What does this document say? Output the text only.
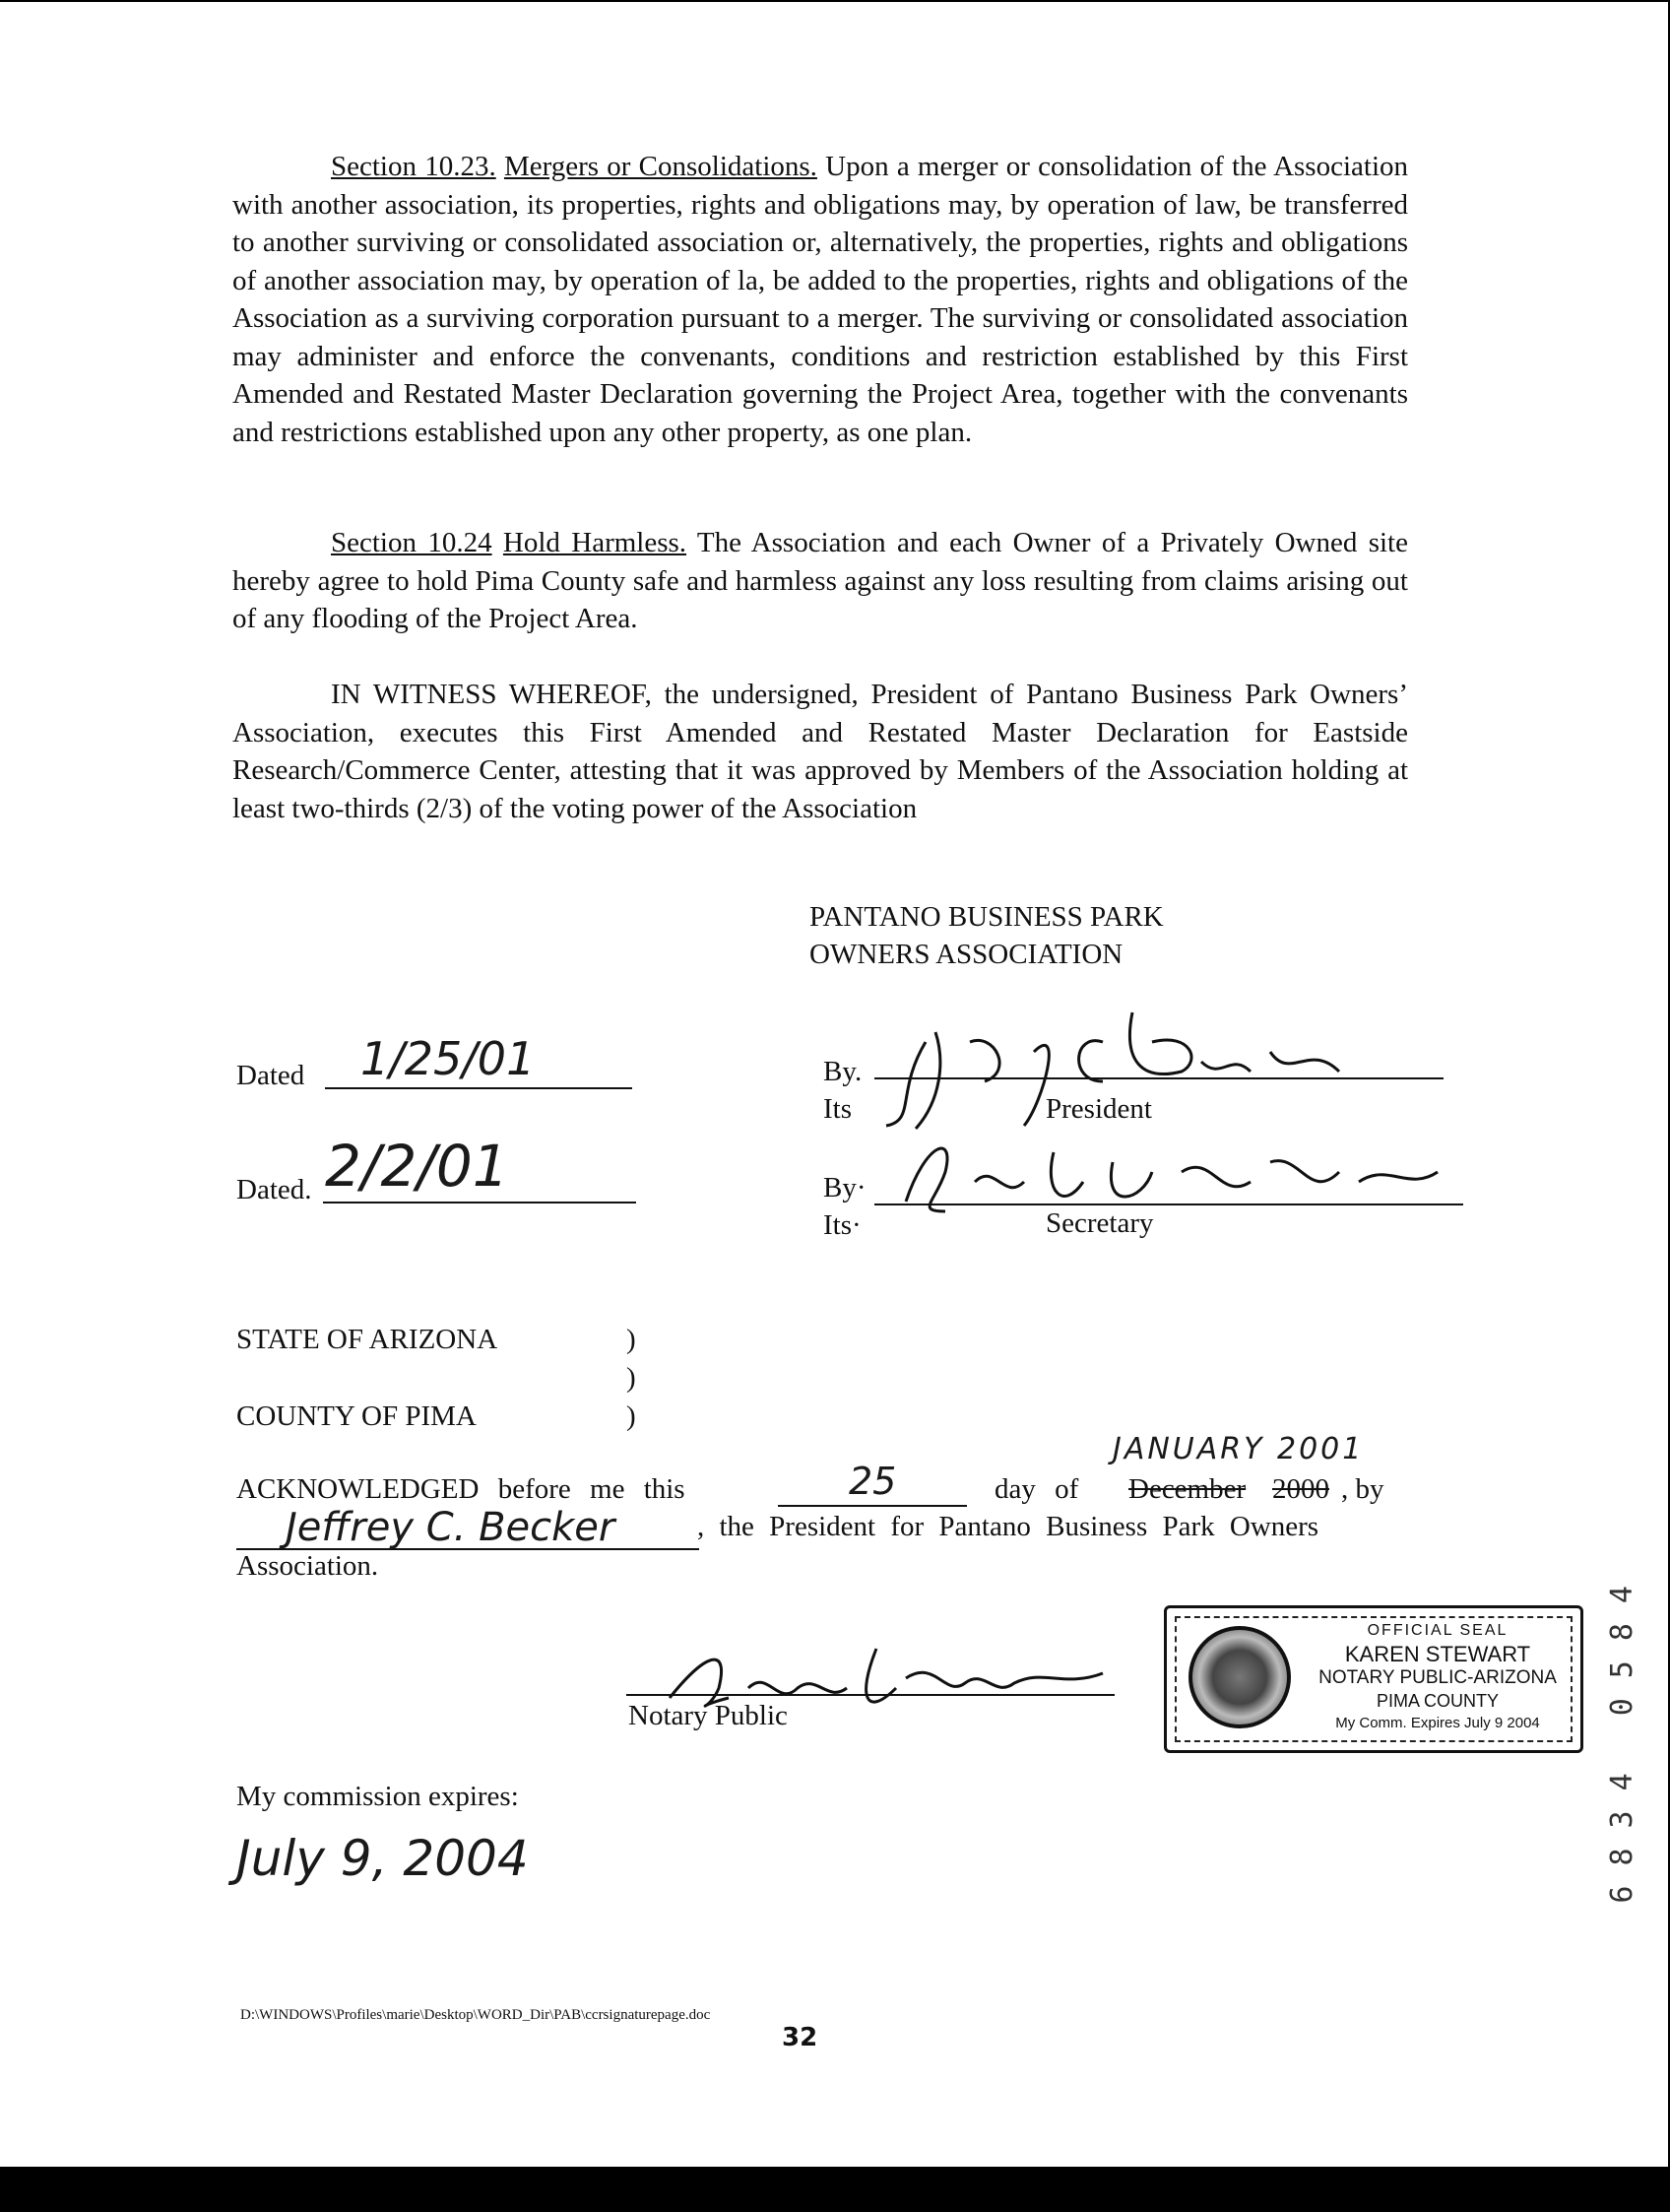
Section 10.23. Mergers or Consolidations. Upon a merger or consolidation of the Association with another association, its properties, rights and obligations may, by operation of law, be transferred to another surviving or consolidated association or, alternatively, the properties, rights and obligations of another association may, by operation of la, be added to the properties, rights and obligations of the Association as a surviving corporation pursuant to a merger. The surviving or consolidated association may administer and enforce the convenants, conditions and restriction established by this First Amended and Restated Master Declaration governing the Project Area, together with the convenants and restrictions established upon any other property, as one plan.

Section 10.24 Hold Harmless. The Association and each Owner of a Privately Owned site hereby agree to hold Pima County safe and harmless against any loss resulting from claims arising out of any flooding of the Project Area.

IN WITNESS WHEREOF, the undersigned, President of Pantano Business Park Owners’ Association, executes this First Amended and Restated Master Declaration for Eastside Research/Commerce Center, attesting that it was approved by Members of the Association holding at least two-thirds (2/3) of the voting power of the Association

PANTANO BUSINESS PARK
OWNERS ASSOCIATION
Dated 1/25/01
Dated. 2/2/01
By.
Its	President
By·
Its·	Secretary
STATE OF ARIZONA
COUNTY OF PIMA
)
)
)
ACKNOWLEDGED before me this	25	day of December 2000 , by
JANUARY 2001
Jeffrey C. Becker	, the President for Pantano Business Park Owners
Association.
Notary Public
OFFICIAL SEAL
KAREN STEWART
NOTARY PUBLIC-ARIZONA
PIMA COUNTY
My Comm. Expires July 9 2004
My commission expires:
July 9, 2004	6834 0584
D:\WINDOWS\Profiles\marie\Desktop\WORD_Dir\PAB\ccrsignaturepage.doc
32
